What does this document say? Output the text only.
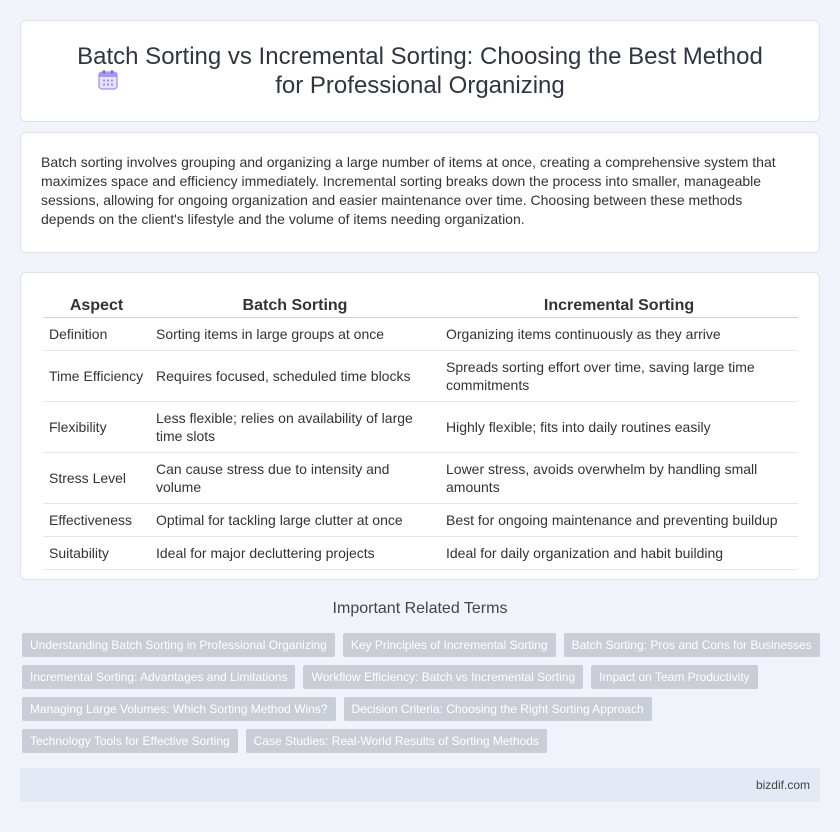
Batch Sorting vs Incremental Sorting: Choosing the Best Method for Professional Organizing

Batch sorting involves grouping and organizing a large number of items at once, creating a comprehensive system that maximizes space and efficiency immediately. Incremental sorting breaks down the process into smaller, manageable sessions, allowing for ongoing organization and easier maintenance over time. Choosing between these methods depends on the client's lifestyle and the volume of items needing organization.

Aspect	Batch Sorting	Incremental Sorting
Definition	Sorting items in large groups at once	Organizing items continuously as they arrive
Time Efficiency	Requires focused, scheduled time blocks	Spreads sorting effort over time, saving large time commitments
Flexibility	Less flexible; relies on availability of large time slots	Highly flexible; fits into daily routines easily
Stress Level	Can cause stress due to intensity and volume	Lower stress, avoids overwhelm by handling small amounts
Effectiveness	Optimal for tackling large clutter at once	Best for ongoing maintenance and preventing buildup
Suitability	Ideal for major decluttering projects	Ideal for daily organization and habit building
Important Related Terms
Understanding Batch Sorting in Professional Organizing	Key Principles of Incremental Sorting	Batch Sorting: Pros and Cons for Businesses
Incremental Sorting: Advantages and Limitations	Workflow Efficiency: Batch vs Incremental Sorting	Impact on Team Productivity
Managing Large Volumes: Which Sorting Method Wins?	Decision Criteria: Choosing the Right Sorting Approach
Technology Tools for Effective Sorting	Case Studies: Real-World Results of Sorting Methods
bizdif.com
